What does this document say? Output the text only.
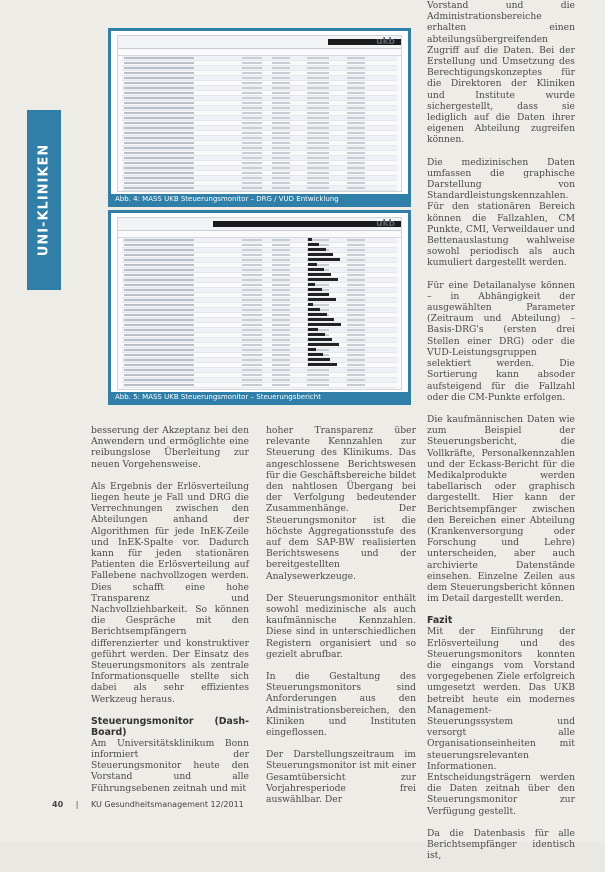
UNI-KLINIKEN
ukb
Abb. 4: MASS UKB Steuerungsmonitor – DRG / VUD Entwicklung
ukb
Abb. 5: MASS UKB Steuerungsmonitor – Steuerungsbericht

besserung der Akzeptanz bei den Anwendern und ermöglichte eine reibungslose Überleitung zur neuen Vorgehensweise.

Als Ergebnis der Erlösverteilung liegen heute je Fall und DRG die Verrechnungen zwischen den Abteilungen anhand der Algorithmen für jede InEK-Zeile und InEK-Spalte vor. Dadurch kann für jeden stationären Patienten die Erlösverteilung auf Fallebene nachvollzogen werden. Dies schafft eine hohe Transparenz und Nachvollziehbarkeit. So können die Gespräche mit den Berichtsempfängern differenzierter und konstruktiver geführt werden. Der Einsatz des Steuerungsmonitors als zentrale Informationsquelle stellte sich dabei als sehr effizientes Werkzeug heraus.

Steuerungsmonitor (Dash-Board)

Am Universitätsklinikum Bonn informiert der Steuerungsmonitor heute den Vorstand und alle Führungsebenen zeitnah und mit

hoher Transparenz über relevante Kennzahlen zur Steuerung des Klinikums. Das angeschlossene Berichtswesen für die Geschäftsbereiche bildet den nahtlosen Übergang bei der Verfolgung bedeutender Zusammenhänge. Der Steuerungsmonitor ist die höchste Aggregationsstufe des auf dem SAP-BW realisierten Berichtswesens und der bereitgestellten Analysewerkzeuge.

Der Steuerungsmonitor enthält sowohl medizinische als auch kaufmännische Kennzahlen. Diese sind in unterschiedlichen Registern organisiert und so gezielt abrufbar.

In die Gestaltung des Steuerungsmonitors sind Anforderungen aus den Administrationsbereichen, den Kliniken und Instituten eingeflossen.

Der Darstellungszeitraum im Steuerungsmonitor ist mit einer Gesamtübersicht zur Vorjahresperiode frei auswählbar. Der

Vorstand und die Administrationsbereiche erhalten einen abteilungsübergreifenden Zugriff auf die Daten. Bei der Erstellung und Umsetzung des Berechtigungskonzeptes für die Direktoren der Kliniken und Institute wurde sichergestellt, dass sie lediglich auf die Daten ihrer eigenen Abteilung zugreifen können.

Die medizinischen Daten umfassen die graphische Darstellung von Standardleistungskennzahlen. Für den stationären Bereich können die Fallzahlen, CM Punkte, CMI, Verweildauer und Bettenauslastung wahlweise sowohl periodisch als auch kumuliert dargestellt werden.

Für eine Detailanalyse können – in Abhängigkeit der ausgewählten Parameter (Zeitraum und Abteilung) – Basis-DRG's (ersten drei Stellen einer DRG) oder die VUD-Leistungsgruppen selektiert werden. Die Sortierung kann absoder aufsteigend für die Fallzahl oder die CM-Punkte erfolgen.

Die kaufmännischen Daten wie zum Beispiel der Steuerungsbericht, die Vollkräfte, Personalkennzahlen und der Eckass-Bericht für die Medikalprodukte werden tabellarisch oder graphisch dargestellt. Hier kann der Berichtsempfänger zwischen den Bereichen einer Abteilung (Krankenversorgung oder Forschung und Lehre) unterscheiden, aber auch archivierte Datenstände einsehen. Einzelne Zeilen aus dem Steuerungsbericht können im Detail dargestellt werden.

Fazit

Mit der Einführung der Erlösverteilung und des Steuerungsmonitors konnten die eingangs vom Vorstand vorgegebenen Ziele erfolgreich umgesetzt werden. Das UKB betreibt heute ein modernes Management-Steuerungssystem und versorgt alle Organisationseinheiten mit steuerungsrelevanten Informationen. Entscheidungsträgern werden die Daten zeitnah über den Steuerungsmonitor zur Verfügung gestellt.

Da die Datenbasis für alle Berichtsempfänger identisch ist,

40 | KU Gesundheitsmanagement 12/2011
